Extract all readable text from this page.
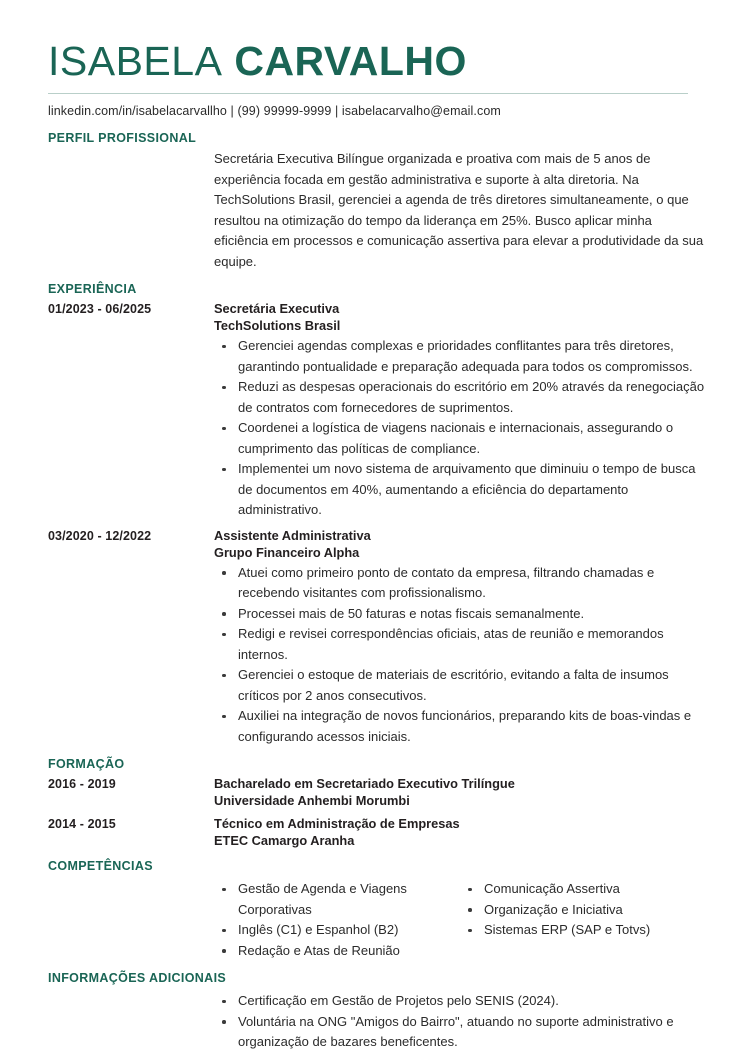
ISABELA CARVALHO
linkedin.com/in/isabelacarvallho | (99) 99999-9999 | isabelacarvalho@email.com
PERFIL PROFISSIONAL
Secretária Executiva Bilíngue organizada e proativa com mais de 5 anos de experiência focada em gestão administrativa e suporte à alta diretoria. Na TechSolutions Brasil, gerenciei a agenda de três diretores simultaneamente, o que resultou na otimização do tempo da liderança em 25%. Busco aplicar minha eficiência em processos e comunicação assertiva para elevar a produtividade da sua equipe.
EXPERIÊNCIA
01/2023 - 06/2025	Secretária Executiva
TechSolutions Brasil
Gerenciei agendas complexas e prioridades conflitantes para três diretores, garantindo pontualidade e preparação adequada para todos os compromissos.
Reduzi as despesas operacionais do escritório em 20% através da renegociação de contratos com fornecedores de suprimentos.
Coordenei a logística de viagens nacionais e internacionais, assegurando o cumprimento das políticas de compliance.
Implementei um novo sistema de arquivamento que diminuiu o tempo de busca de documentos em 40%, aumentando a eficiência do departamento administrativo.
03/2020 - 12/2022	Assistente Administrativa
Grupo Financeiro Alpha
Atuei como primeiro ponto de contato da empresa, filtrando chamadas e recebendo visitantes com profissionalismo.
Processei mais de 50 faturas e notas fiscais semanalmente.
Redigi e revisei correspondências oficiais, atas de reunião e memorandos internos.
Gerenciei o estoque de materiais de escritório, evitando a falta de insumos críticos por 2 anos consecutivos.
Auxiliei na integração de novos funcionários, preparando kits de boas-vindas e configurando acessos iniciais.
FORMAÇÃO
2016 - 2019	Bacharelado em Secretariado Executivo Trilíngue
Universidade Anhembi Morumbi
2014 - 2015	Técnico em Administração de Empresas
ETEC Camargo Aranha
COMPETÊNCIAS
Gestão de Agenda e Viagens Corporativas
Inglês (C1) e Espanhol (B2)
Redação e Atas de Reunião
Comunicação Assertiva
Organização e Iniciativa
Sistemas ERP (SAP e Totvs)
INFORMAÇÕES ADICIONAIS
Certificação em Gestão de Projetos pelo SENIS (2024).
Voluntária na ONG "Amigos do Bairro", atuando no suporte administrativo e organização de bazares beneficentes.
